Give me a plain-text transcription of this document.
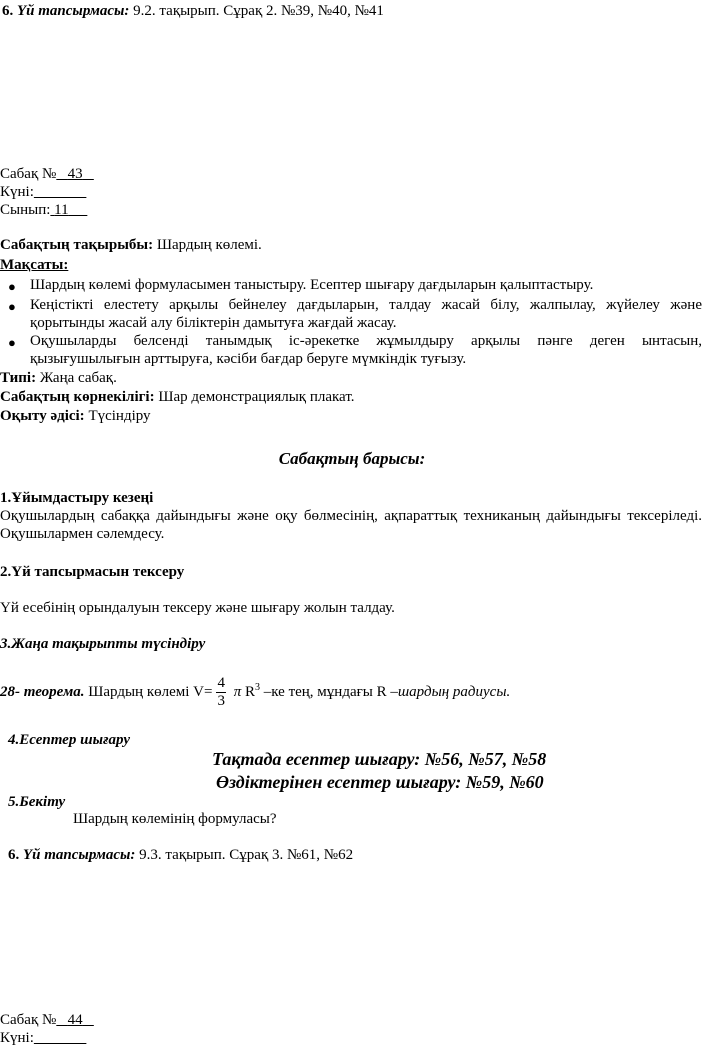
6. Үй тапсырмасы: 9.2. тақырып. Сұрақ 2. №39, №40, №41
Сабақ № 43
Күні:
Сынып: 11
Сабақтың тақырыбы: Шардың көлемі.
Мақсаты:
● Шардың көлемі формуласымен таныстыру. Есептер шығару дағдыларын қалыптастыру.
● Кеңістікті елестету арқылы бейнелеу дағдыларын, талдау жасай білу, жалпылау, жүйелеу және қорытынды жасай алу біліктерін дамытуға жағдай жасау.
● Оқушыларды белсенді танымдық іс-әрекетке жұмылдыру арқылы пәнге деген ынтасын, қызығушылығын арттыруға, кәсіби бағдар беруге мүмкіндік туғызу.
Типі: Жаңа сабақ.
Сабақтың көрнекілігі: Шар демонстрациялық плакат.
Оқыту әдісі: Түсіндіру
Сабақтың барысы:
1.Ұйымдастыру кезеңі
Оқушылардың сабаққа дайындығы және оқу бөлмесінің, ақпараттық техниканың дайындығы тексеріледі. Оқушылармен сәлемдесу.
2.Үй тапсырмасын тексеру
Үй есебінің орындалуын тексеру және шығару жолын талдау.
3.Жаңа тақырыпты түсіндіру
28- теорема. Шардың көлемі $V= \frac{4}{3}$ π $R^3$ –ке тең, мұндағы R –шардың радиусы.
4.Есептер шығару
Тақтада есептер шығару: №56, №57, №58
Өздіктерінен есептер шығару: №59, №60
5.Бекіту
Шардың көлемінің формуласы?
6. Үй тапсырмасы: 9.3. тақырып. Сұрақ 3. №61, №62
Сабақ № 44
Күні:
